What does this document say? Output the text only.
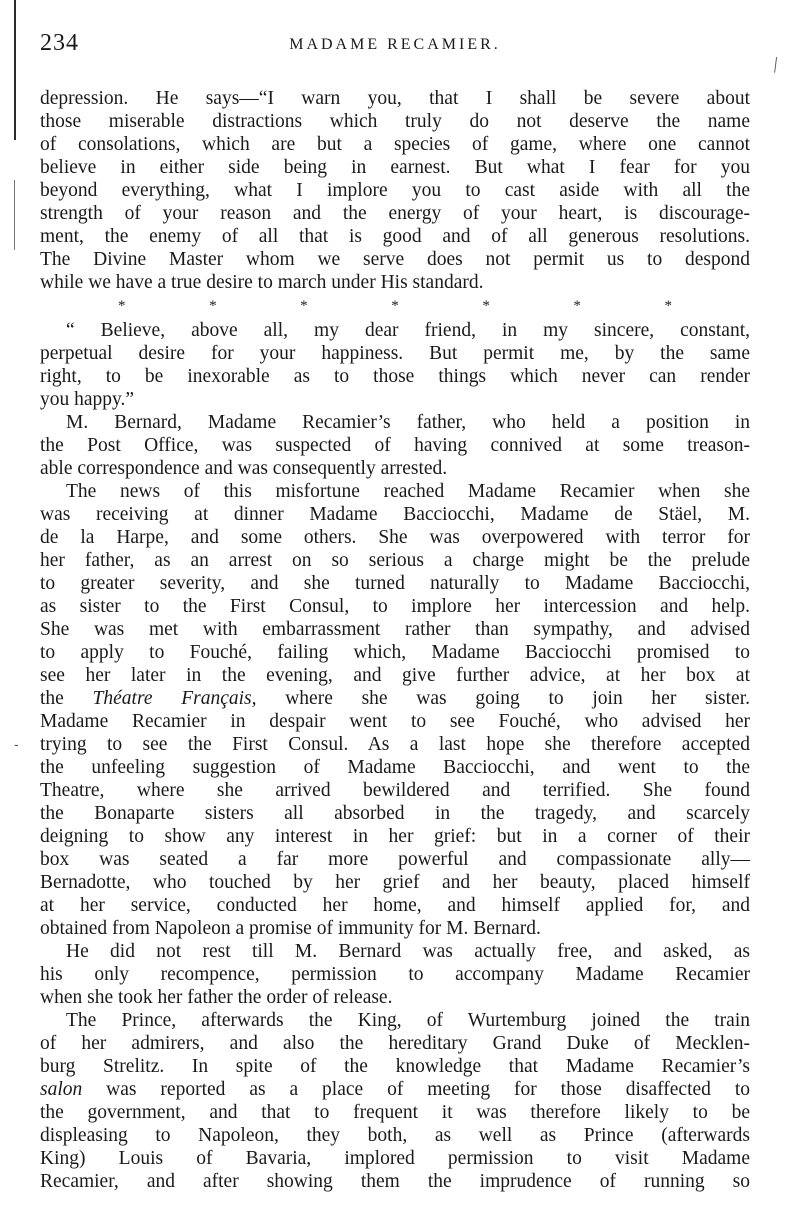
╱
-
234	MADAME RECAMIER.
depression. He says—“I warn you, that I shall be severe about
those miserable distractions which truly do not deserve the name
of consolations, which are but a species of game, where one cannot
believe in either side being in earnest. But what I fear for you
beyond everything, what I implore you to cast aside with all the
strength of your reason and the energy of your heart, is discourage-
ment, the enemy of all that is good and of all generous resolutions.
The Divine Master whom we serve does not permit us to despond
while we have a true desire to march under His standard.
*	*	*	*	*	*	*
“ Believe, above all, my dear friend, in my sincere, constant,
perpetual desire for your happiness. But permit me, by the same
right, to be inexorable as to those things which never can render
you happy.”
M. Bernard, Madame Recamier’s father, who held a position in
the Post Office, was suspected of having connived at some treason-
able correspondence and was consequently arrested.
The news of this misfortune reached Madame Recamier when she
was receiving at dinner Madame Bacciocchi, Madame de Stäel, M.
de la Harpe, and some others. She was overpowered with terror for
her father, as an arrest on so serious a charge might be the prelude
to greater severity, and she turned naturally to Madame Bacciocchi,
as sister to the First Consul, to implore her intercession and help.
She was met with embarrassment rather than sympathy, and advised
to apply to Fouché, failing which, Madame Bacciocchi promised to
see her later in the evening, and give further advice, at her box at
the Théatre Français, where she was going to join her sister.
Madame Recamier in despair went to see Fouché, who advised her
trying to see the First Consul. As a last hope she therefore accepted
the unfeeling suggestion of Madame Bacciocchi, and went to the
Theatre, where she arrived bewildered and terrified. She found
the Bonaparte sisters all absorbed in the tragedy, and scarcely
deigning to show any interest in her grief: but in a corner of their
box was seated a far more powerful and compassionate ally—
Bernadotte, who touched by her grief and her beauty, placed himself
at her service, conducted her home, and himself applied for, and
obtained from Napoleon a promise of immunity for M. Bernard.
He did not rest till M. Bernard was actually free, and asked, as
his only recompence, permission to accompany Madame Recamier
when she took her father the order of release.
The Prince, afterwards the King, of Wurtemburg joined the train
of her admirers, and also the hereditary Grand Duke of Mecklen-
burg Strelitz. In spite of the knowledge that Madame Recamier’s
salon was reported as a place of meeting for those disaffected to
the government, and that to frequent it was therefore likely to be
displeasing to Napoleon, they both, as well as Prince (afterwards
King) Louis of Bavaria, implored permission to visit Madame
Recamier, and after showing them the imprudence of running so
